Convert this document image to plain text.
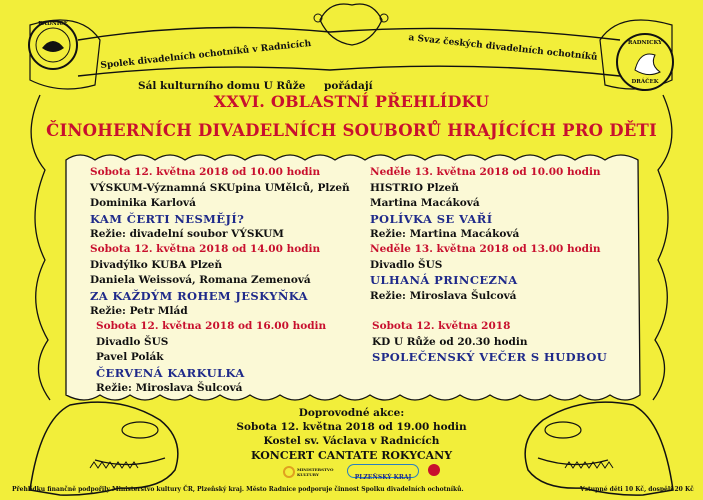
RADNICE
RADNICKÝ
DRÁČEK
Spolek divadelních ochotníků v Radnicích	a Svaz českých divadelních ochotníků
Sál kulturního domu U Růže pořádají
XXVI. OBLASTNÍ PŘEHLÍDKU
ČINOHERNÍCH DIVADELNÍCH SOUBORŮ HRAJÍCÍCH PRO DĚTI
Sobota 12. května 2018 od 10.00 hodin
VÝSKUM-Významná SKUpina UMělců, Plzeň
Dominika Karlová
KAM ČERTI NESMĚJÍ?
Režie: divadelní soubor VÝSKUM
Sobota 12. května 2018 od 14.00 hodin
Divadýlko KUBA Plzeň
Daniela Weissová, Romana Zemenová
ZA KAŽDÝM ROHEM JESKYŇKA
Režie: Petr Mlád
Sobota 12. května 2018 od 16.00 hodin
Divadlo ŠUS
Pavel Polák
ČERVENÁ KARKULKA
Režie: Miroslava Šulcová
Neděle 13. května 2018 od 10.00 hodin
HISTRIO Plzeň
Martina Macáková
POLÍVKA SE VAŘÍ
Režie: Martina Macáková
Neděle 13. května 2018 od 13.00 hodin
Divadlo ŠUS
ULHANÁ PRINCEZNA
Režie: Miroslava Šulcová
Sobota 12. května 2018
KD U Růže od 20.30 hodin
SPOLEČENSKÝ VEČER S HUDBOU
Doprovodné akce:
Sobota 12. května 2018 od 19.00 hodin
Kostel sv. Václava v Radnicích
KONCERT CANTATE ROKYCANY
MINISTERSTVO KULTURY	PLZEŇSKÝ KRAJ
Přehlídku finančně podpořily Ministerstvo kultury ČR, Plzeňský kraj. Město Radnice podporuje činnost Spolku divadelních ochotníků.	Vstupné děti 10 Kč, dospělí 20 Kč
